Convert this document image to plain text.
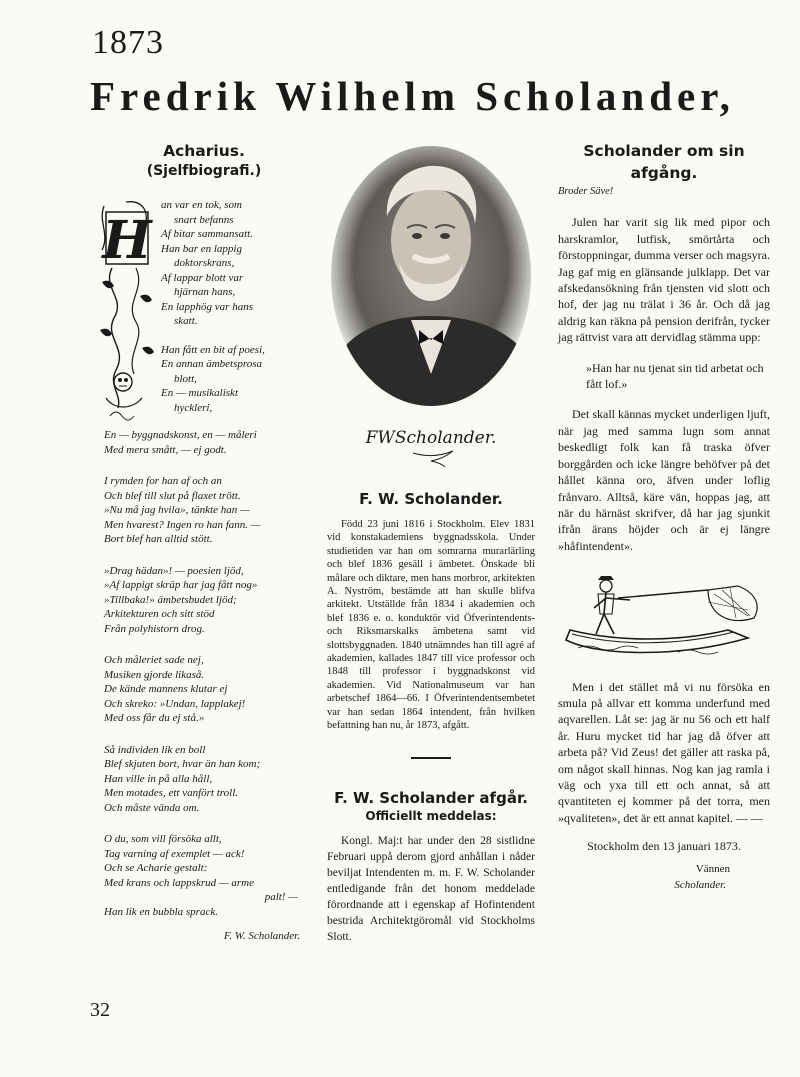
1873
Fredrik Wilhelm Scholander,
Acharius.
(Sjelfbiografi.)
H
an var en tok, som
snart befanns
Af bitar sammansatt.
Han bar en lappig
doktorskrans,
Af lappar blott var
hjärnan hans,
En lapphög var hans
skatt.
Han fått en bit af poesi,
En annan ämbetsprosa
blott,
En — musikaliskt
hyckleri,
En — byggnadskonst, en — måleri
Med mera smått, — ej godt.
I rymden for han af och an
Och blef till slut på flaxet trött.
»Nu må jag hvila», tänkte han —
Men hvarest? Ingen ro han fann. —
Bort blef han alltid stött.
»Drag hädan»! — poesien ljöd,
»Af lappigt skräp har jag fått nog»
»Tillbaka!» ämbetsbudet ljöd;
Arkitekturen och sitt stöd
Från polyhistorn drog.
Och måleriet sade nej,
Musiken gjorde likaså.
De kände mannens klutar ej
Och skreko: »Undan, lapplakej!
Med oss får du ej stå.»
Så individen lik en boll
Blef skjuten bort, hvar än han kom;
Han ville in på alla håll,
Men motades, ett vanfört troll.
Och måste vända om.
O du, som vill försöka allt,
Tag varning af exemplet — ack!
Och se Acharie gestalt:
Med krans och lappskrud — arme
palt! —
Han lik en bubbla sprack.
F. W. Scholander.

FWScholander.
F. W. Scholander.
Född 23 juni 1816 i Stockholm. Elev 1831 vid konstakademiens byggnadsskola. Under studietiden var han om somrarna murarlärling och blef 1836 gesäll i ämbetet. Önskade bli målare och diktare, men hans morbror, arkitekten A. Nyström, bestämde att han skulle blifva arkitekt. Utställde från 1834 i akademien och blef 1836 e. o. konduktör vid Öfverintendents- och Riksmarskalks ämbetena samt vid slottsbyggnaden. 1840 utnämndes han till agré af akademien, kallades 1847 till vice professor och 1848 till professor i byggnadskonst vid akademien. Vid Nationalmuseum var han arbetschef 1864—66. I Öfverintendentsembetet var han sedan 1864 intendent, från hvilken befattning han nu, år 1873, afgått.
F. W. Scholander afgår.
Officiellt meddelas:
Kongl. Maj:t har under den 28 sistlidne Februari uppå derom gjord anhållan i nåder beviljat Intendenten m. m. F. W. Scholander entledigande från det honom meddelade förordnande att i egenskap af Hofintendent bestrida Architektgöromål vid Stockholms Slott.
Scholander om sin
afgång.

Broder Säve!

Julen har varit sig lik med pipor och harskramlor, lutfisk, smörtårta och förstoppningar, dumma verser och magsyra. Jag gaf mig en glänsande julklapp. Det var afskedansökning från tjensten vid slott och hof, der jag nu trälat i 36 år. Och då jag aldrig kan räkna på pension derifrån, tycker jag rättvist vara att dervidlag stämma upp:

»Han har nu tjenat sin tid arbetat och fått lof.»

Det skall kännas mycket underligen ljuft, när jag med samma lugn som annat beskedligt folk kan få traska öfver borggården och icke längre behöfver på det hållet känna oro, äfven under loflig frånvaro. Alltså, käre vän, hoppas jag, att när du härnäst skrifver, då har jag sjunkit ifrån ärans höjder och är ej längre »håfintendent».

Men i det stället må vi nu försöka en smula på allvar ett komma underfund med aqvarellen. Låt se: jag är nu 56 och ett half år. Huru mycket tid har jag då öfver att arbeta på? Vid Zeus! det gäller att raska på, om något skall hinnas. Nog kan jag ramla i väg och yxa till ett och annat, så att qvantiteten ej kommer på det torra, men »qvaliteten», det är ett annat kapitel. — —

Stockholm den 13 januari 1873.

Vännen

Scholander.

32
